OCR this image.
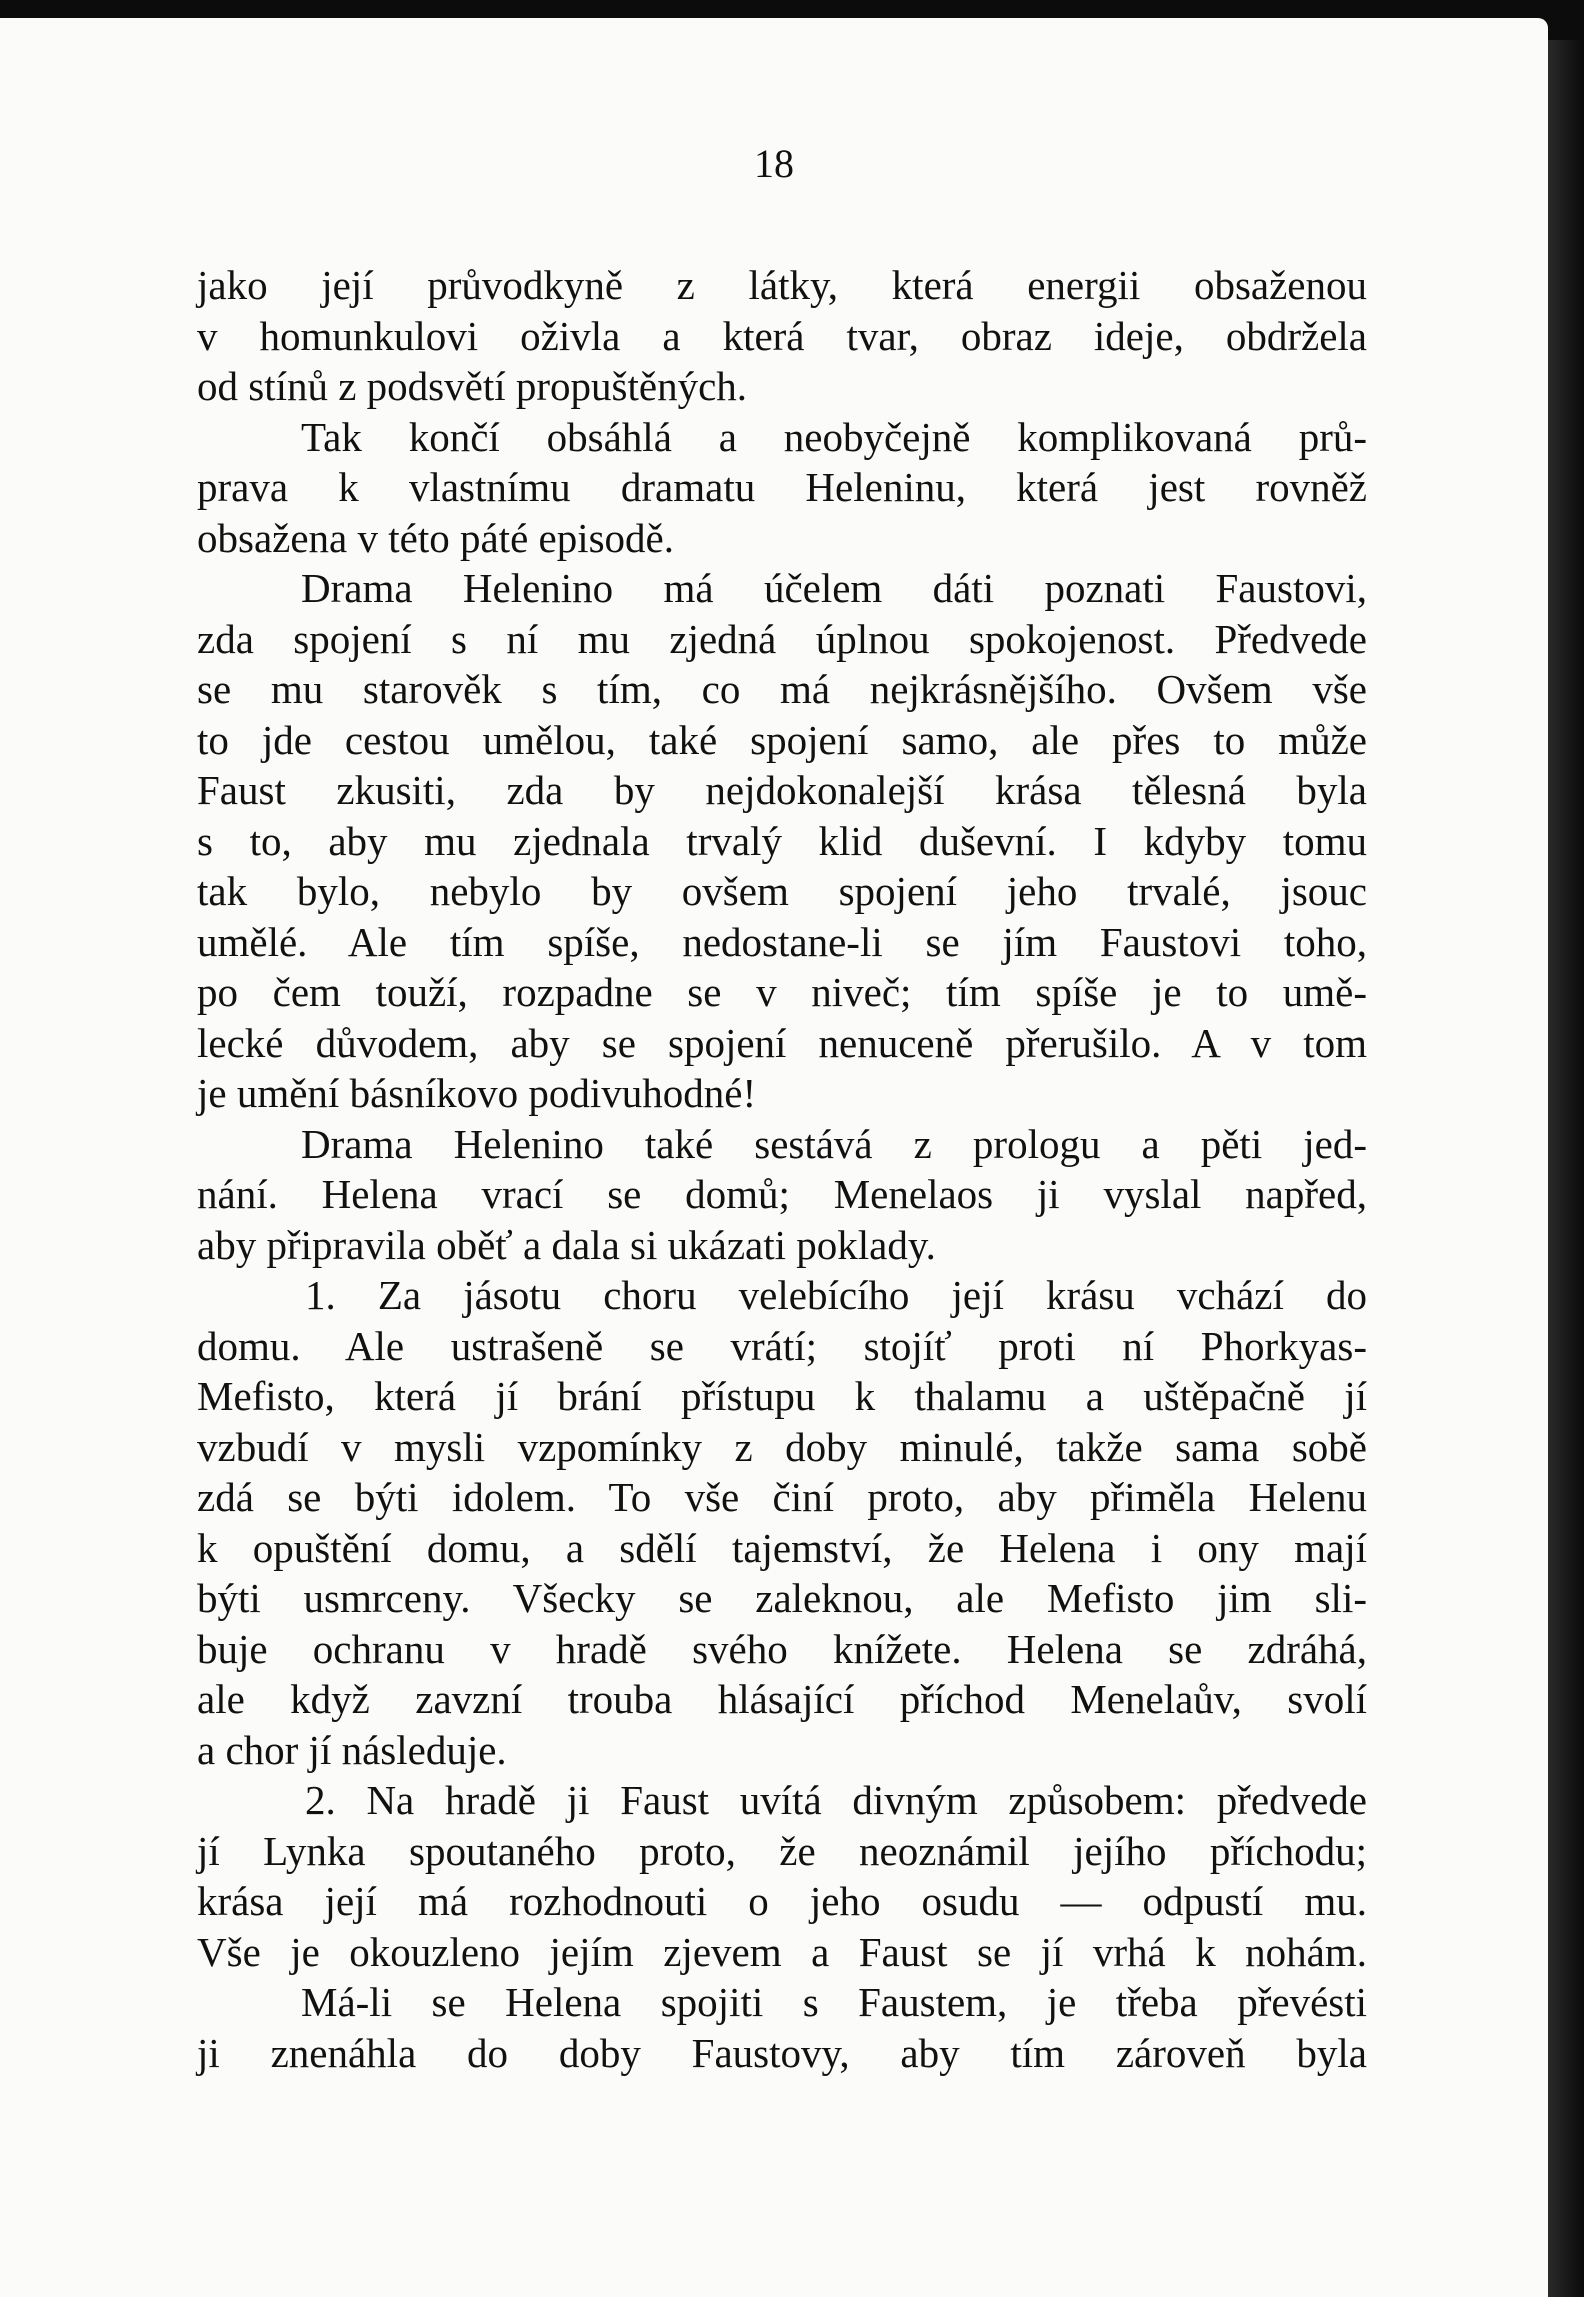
18
jako její průvodkyně z látky, která energii obsaženou
v homunkulovi oživla a která tvar, obraz ideje, obdržela
od stínů z podsvětí propuštěných.
Tak končí obsáhlá a neobyčejně komplikovaná prů-
prava k vlastnímu dramatu Heleninu, která jest rovněž
obsažena v této páté episodě.
Drama Helenino má účelem dáti poznati Faustovi,
zda spojení s ní mu zjedná úplnou spokojenost. Předvede
se mu starověk s tím, co má nejkrásnějšího. Ovšem vše
to jde cestou umělou, také spojení samo, ale přes to může
Faust zkusiti, zda by nejdokonalejší krása tělesná byla
s to, aby mu zjednala trvalý klid duševní. I kdyby tomu
tak bylo, nebylo by ovšem spojení jeho trvalé, jsouc
umělé. Ale tím spíše, nedostane-li se jím Faustovi toho,
po čem touží, rozpadne se v niveč; tím spíše je to umě-
lecké důvodem, aby se spojení nenuceně přerušilo. A v tom
je umění básníkovo podivuhodné!
Drama Helenino také sestává z prologu a pěti jed-
nání. Helena vrací se domů; Menelaos ji vyslal napřed,
aby připravila oběť a dala si ukázati poklady.
1. Za jásotu choru velebícího její krásu vchází do
domu. Ale ustrašeně se vrátí; stojíť proti ní Phorkyas-
Mefisto, která jí brání přístupu k thalamu a uštěpačně jí
vzbudí v mysli vzpomínky z doby minulé, takže sama sobě
zdá se býti idolem. To vše činí proto, aby přiměla Helenu
k opuštění domu, a sdělí tajemství, že Helena i ony mají
býti usmrceny. Všecky se zaleknou, ale Mefisto jim sli-
buje ochranu v hradě svého knížete. Helena se zdráhá,
ale když zavzní trouba hlásající příchod Menelaův, svolí
a chor jí následuje.
2. Na hradě ji Faust uvítá divným způsobem: předvede
jí Lynka spoutaného proto, že neoznámil jejího příchodu;
krása její má rozhodnouti o jeho osudu — odpustí mu.
Vše je okouzleno jejím zjevem a Faust se jí vrhá k nohám.
Má-li se Helena spojiti s Faustem, je třeba převésti
ji znenáhla do doby Faustovy, aby tím zároveň byla
